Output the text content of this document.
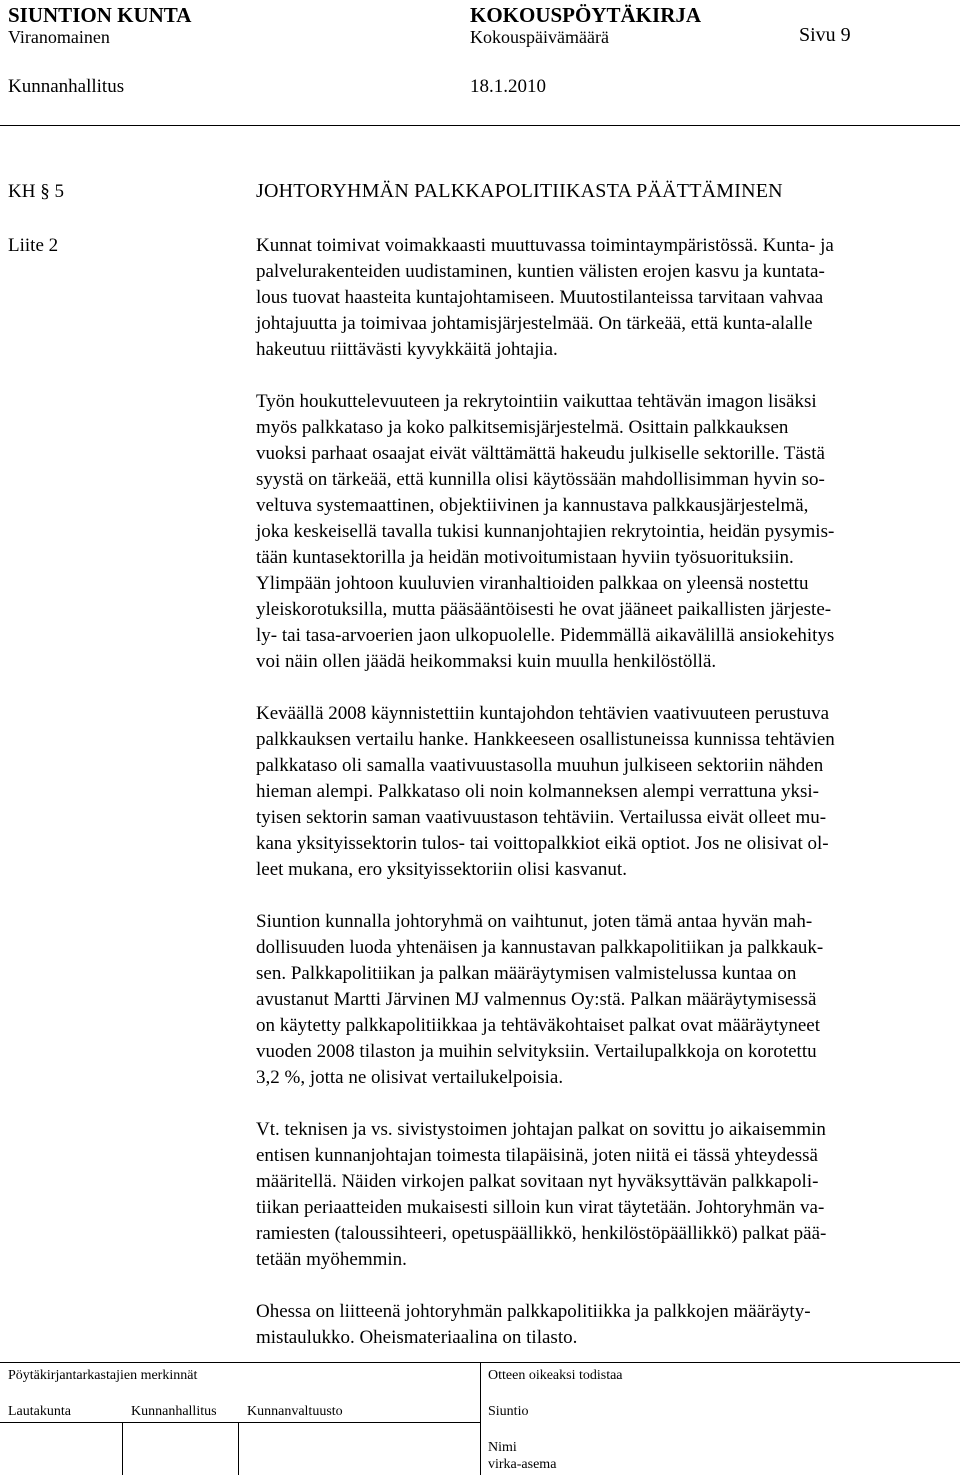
SIUNTION KUNTA	KOKOUSPÖYTÄKIRJA
Viranomainen	Kokouspäivämäärä	Sivu 9
Kunnanhallitus	18.1.2010
KH § 5
Liite 2
JOHTORYHMÄN PALKKAPOLITIIKASTA PÄÄTTÄMINEN

Kunnat toimivat voimakkaasti muuttuvassa toimintaympäristössä. Kunta- ja
palvelurakenteiden uudistaminen, kuntien välisten erojen kasvu ja kuntata-
lous tuovat haasteita kuntajohtamiseen. Muutostilanteissa tarvitaan vahvaa
johtajuutta ja toimivaa johtamisjärjestelmää. On tärkeää, että kunta-alalle
hakeutuu riittävästi kyvykkäitä johtajia.

Työn houkuttelevuuteen ja rekrytointiin vaikuttaa tehtävän imagon lisäksi
myös palkkataso ja koko palkitsemisjärjestelmä. Osittain palkkauksen
vuoksi parhaat osaajat eivät välttämättä hakeudu julkiselle sektorille. Tästä
syystä on tärkeää, että kunnilla olisi käytössään mahdollisimman hyvin so-
veltuva systemaattinen, objektiivinen ja kannustava palkkausjärjestelmä,
joka keskeisellä tavalla tukisi kunnanjohtajien rekrytointia, heidän pysymis-
tään kuntasektorilla ja heidän motivoitumistaan hyviin työsuorituksiin.
Ylimpään johtoon kuuluvien viranhaltioiden palkkaa on yleensä nostettu
yleiskorotuksilla, mutta pääsääntöisesti he ovat jääneet paikallisten järjeste-
ly- tai tasa-arvoerien jaon ulkopuolelle. Pidemmällä aikavälillä ansiokehitys
voi näin ollen jäädä heikommaksi kuin muulla henkilöstöllä.

Keväällä 2008 käynnistettiin kuntajohdon tehtävien vaativuuteen perustuva
palkkauksen vertailu hanke. Hankkeeseen osallistuneissa kunnissa tehtävien
palkkataso oli samalla vaativuustasolla muuhun julkiseen sektoriin nähden
hieman alempi. Palkkataso oli noin kolmanneksen alempi verrattuna yksi-
tyisen sektorin saman vaativuustason tehtäviin. Vertailussa eivät olleet mu-
kana yksityissektorin tulos- tai voittopalkkiot eikä optiot. Jos ne olisivat ol-
leet mukana, ero yksityissektoriin olisi kasvanut.

Siuntion kunnalla johtoryhmä on vaihtunut, joten tämä antaa hyvän mah-
dollisuuden luoda yhtenäisen ja kannustavan palkkapolitiikan ja palkkauk-
sen. Palkkapolitiikan ja palkan määräytymisen valmistelussa kuntaa on
avustanut Martti Järvinen MJ valmennus Oy:stä. Palkan määräytymisessä
on käytetty palkkapolitiikkaa ja tehtäväkohtaiset palkat ovat määräytyneet
vuoden 2008 tilaston ja muihin selvityksiin. Vertailupalkkoja on korotettu
3,2 %, jotta ne olisivat vertailukelpoisia.

Vt. teknisen ja vs. sivistystoimen johtajan palkat on sovittu jo aikaisemmin
entisen kunnanjohtajan toimesta tilapäisinä, joten niitä ei tässä yhteydessä
määritellä. Näiden virkojen palkat sovitaan nyt hyväksyttävän palkkapoli-
tiikan periaatteiden mukaisesti silloin kun virat täytetään. Johtoryhmän va-
ramiesten (taloussihteeri, opetuspäällikkö, henkilöstöpäällikkö) palkat pää-
tetään myöhemmin.

Ohessa on liitteenä johtoryhmän palkkapolitiikka ja palkkojen määräyty-
mistaulukko. Oheismateriaalina on tilasto.

Pöytäkirjantarkastajien merkinnät	Otteen oikeaksi todistaa
Lautakunta	Kunnanhallitus Kunnanvaltuusto	Siuntio
Nimi
virka-asema
